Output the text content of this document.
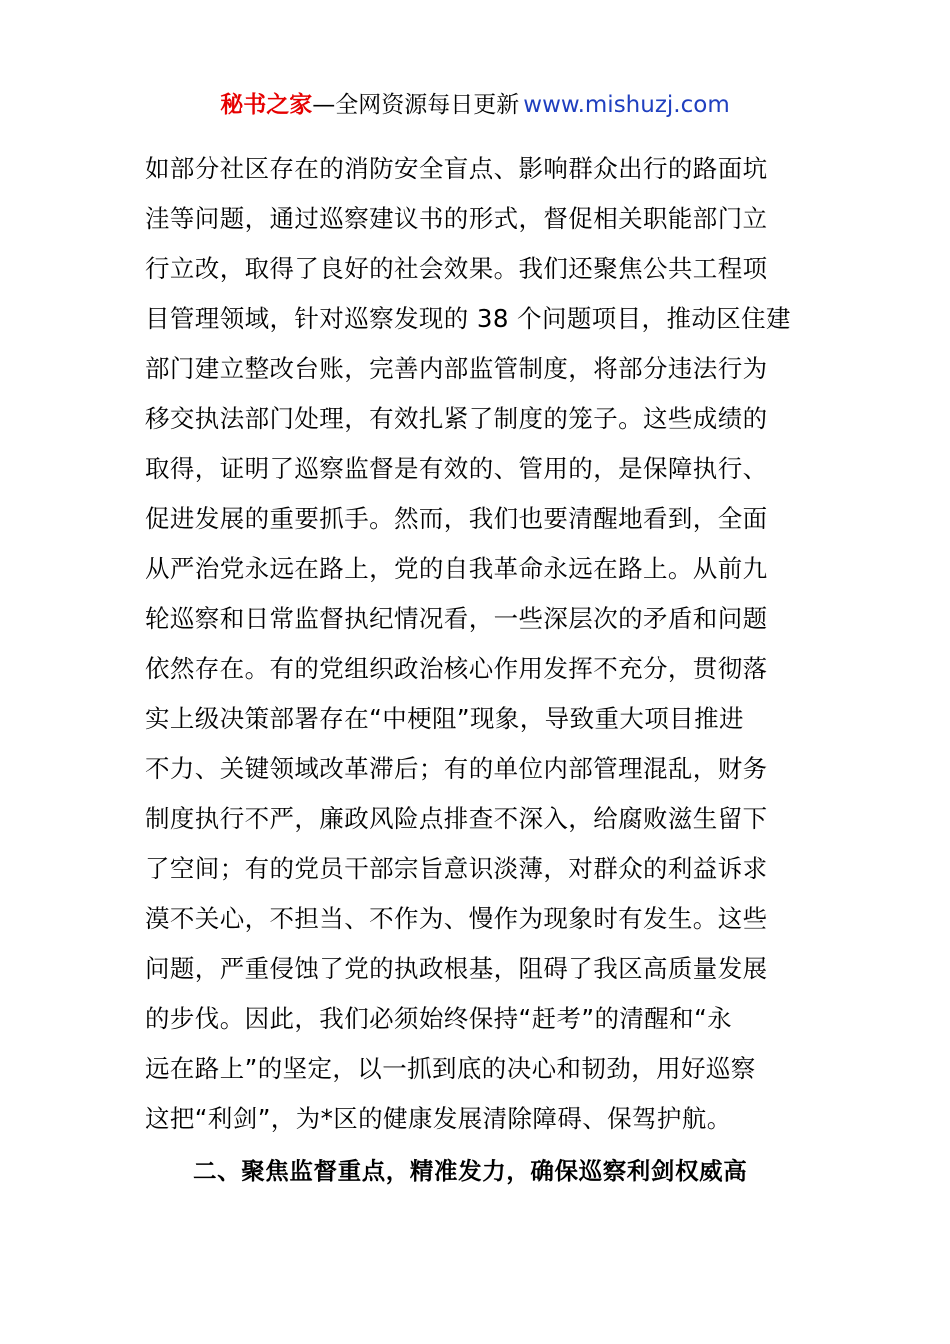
秘书之家—全网资源每日更新 www.mishuzj.com
如部分社区存在的消防安全盲点、影响群众出行的路面坑
洼等问题，通过巡察建议书的形式，督促相关职能部门立
行立改，取得了良好的社会效果。我们还聚焦公共工程项
目管理领域，针对巡察发现的 38 个问题项目，推动区住建
部门建立整改台账，完善内部监管制度，将部分违法行为
移交执法部门处理，有效扎紧了制度的笼子。这些成绩的
取得，证明了巡察监督是有效的、管用的，是保障执行、
促进发展的重要抓手。然而，我们也要清醒地看到，全面
从严治党永远在路上，党的自我革命永远在路上。从前九
轮巡察和日常监督执纪情况看，一些深层次的矛盾和问题
依然存在。有的党组织政治核心作用发挥不充分，贯彻落
实上级决策部署存在“中梗阻”现象，导致重大项目推进
不力、关键领域改革滞后；有的单位内部管理混乱，财务
制度执行不严，廉政风险点排查不深入，给腐败滋生留下
了空间；有的党员干部宗旨意识淡薄，对群众的利益诉求
漠不关心，不担当、不作为、慢作为现象时有发生。这些
问题，严重侵蚀了党的执政根基，阻碍了我区高质量发展
的步伐。因此，我们必须始终保持“赶考”的清醒和“永
远在路上”的坚定，以一抓到底的决心和韧劲，用好巡察
这把“利剑”，为*区的健康发展清除障碍、保驾护航。
二、聚焦监督重点，精准发力，确保巡察利剑权威高
